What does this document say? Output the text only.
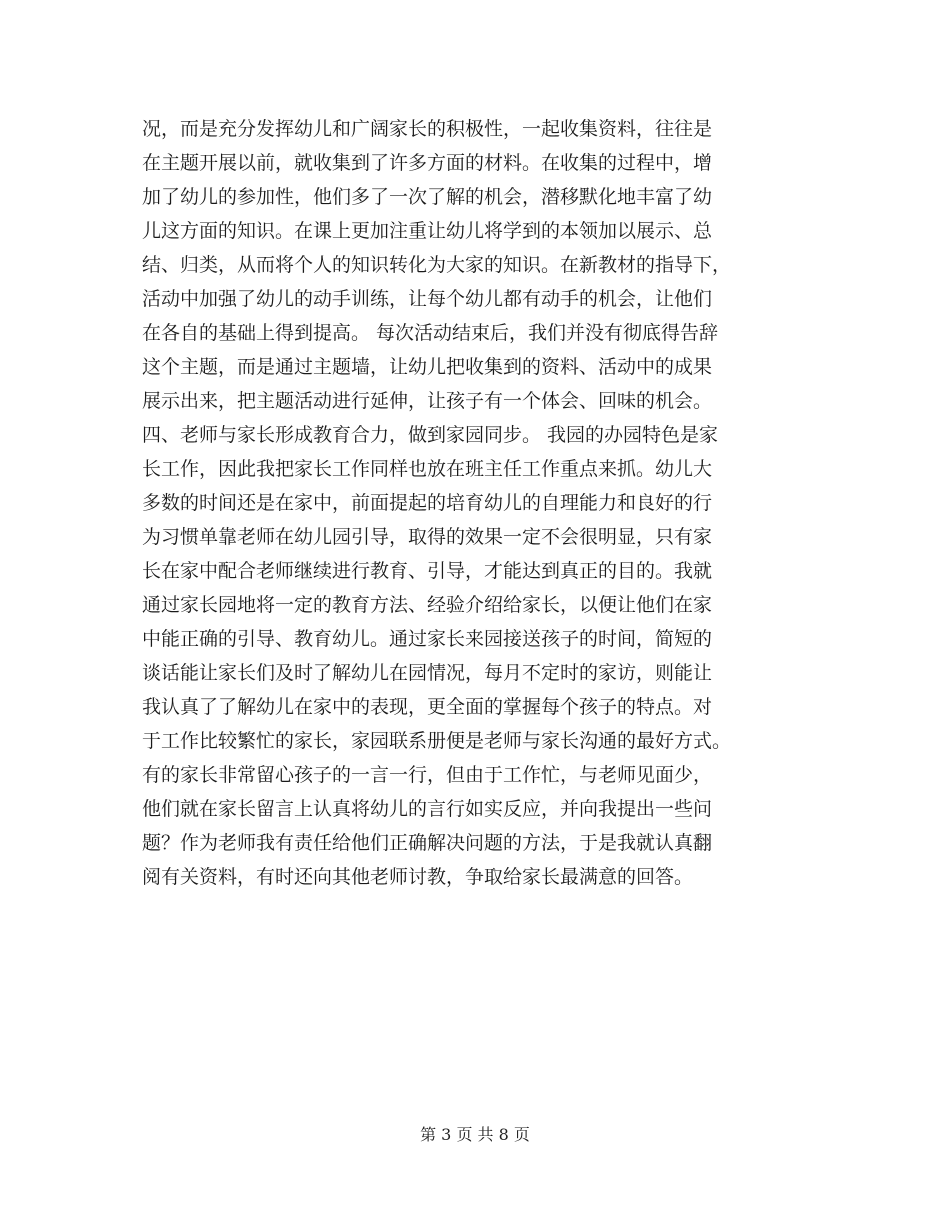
况，而是充分发挥幼儿和广阔家长的积极性，一起收集资料，往往是
在主题开展以前，就收集到了许多方面的材料。在收集的过程中，增
加了幼儿的参加性，他们多了一次了解的机会，潜移默化地丰富了幼
儿这方面的知识。在课上更加注重让幼儿将学到的本领加以展示、总
结、归类，从而将个人的知识转化为大家的知识。在新教材的指导下，
活动中加强了幼儿的动手训练，让每个幼儿都有动手的机会，让他们
在各自的基础上得到提高。 每次活动结束后，我们并没有彻底得告辞
这个主题，而是通过主题墙，让幼儿把收集到的资料、活动中的成果
展示出来，把主题活动进行延伸，让孩子有一个体会、回味的机会。
四、老师与家长形成教育合力，做到家园同步。 我园的办园特色是家
长工作，因此我把家长工作同样也放在班主任工作重点来抓。幼儿大
多数的时间还是在家中，前面提起的培育幼儿的自理能力和良好的行
为习惯单靠老师在幼儿园引导，取得的效果一定不会很明显，只有家
长在家中配合老师继续进行教育、引导，才能达到真正的目的。我就
通过家长园地将一定的教育方法、经验介绍给家长，以便让他们在家
中能正确的引导、教育幼儿。通过家长来园接送孩子的时间，简短的
谈话能让家长们及时了解幼儿在园情况，每月不定时的家访，则能让
我认真了了解幼儿在家中的表现，更全面的掌握每个孩子的特点。对
于工作比较繁忙的家长，家园联系册便是老师与家长沟通的最好方式。
有的家长非常留心孩子的一言一行，但由于工作忙，与老师见面少，
他们就在家长留言上认真将幼儿的言行如实反应，并向我提出一些问
题？作为老师我有责任给他们正确解决问题的方法，于是我就认真翻
阅有关资料，有时还向其他老师讨教，争取给家长最满意的回答。
第 3 页 共 8 页
